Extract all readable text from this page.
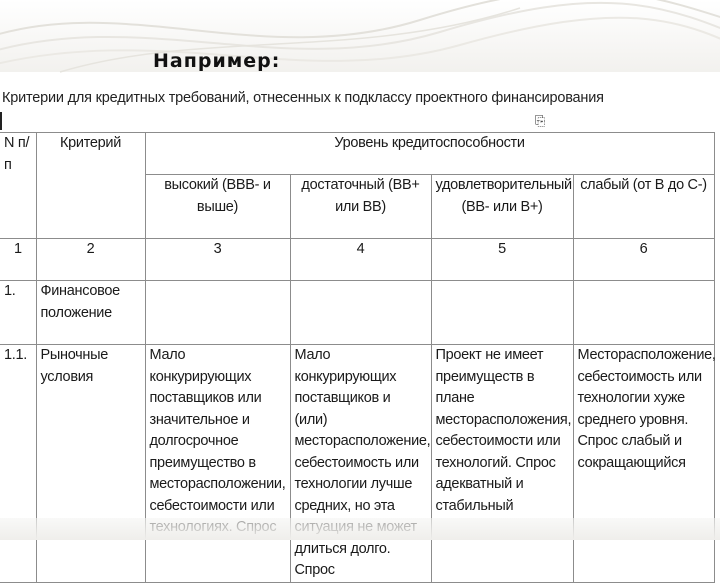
Например:
Критерии для кредитных требований, отнесенных к подклассу проектного финансирования
⎘
N п/п	Критерий	Уровень кредитоспособности			
		высокий (ВВВ- и выше)	достаточный (ВВ+ или ВВ)	удовлетворительный (ВВ- или В+)	слабый (от В до С-)
1	2	3	4	5	6
1.	Финансовое положение				
1.1.	Рыночные условия	Мало конкурирующих поставщиков или значительное и долгосрочное преимущество в месторасположении, себестоимости или	Мало конкурирующих поставщиков и (или) месторасположение, себестоимость или технологии лучше средних, но эта длиться долго. Спрос	Проект не имеет преимуществ в плане месторасположения, себестоимости или технологий. Спрос адекватный и стабильный	Месторасположение, себестоимость или технологии хуже среднего уровня. Спрос слабый и сокращающийся
